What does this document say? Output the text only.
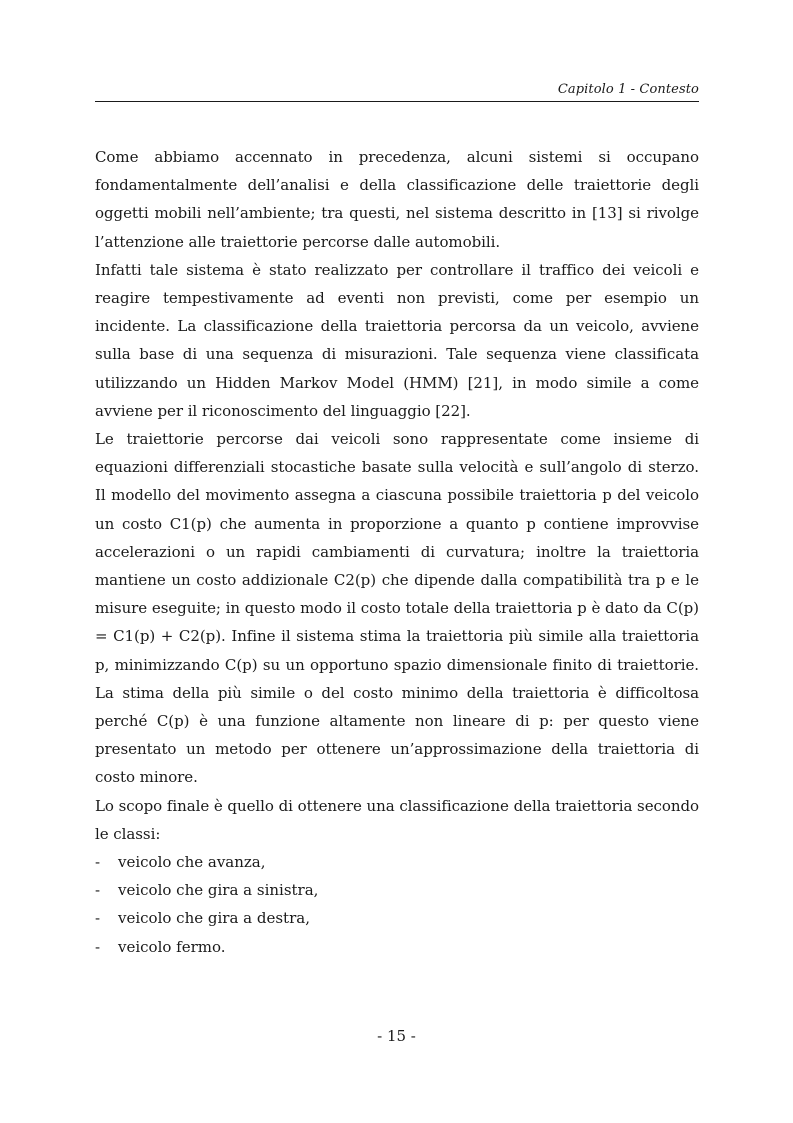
Capitolo 1 - Contesto

Come abbiamo accennato in precedenza, alcuni sistemi si occupano fondamentalmente dell’analisi e della classificazione delle traiettorie degli oggetti mobili nell’ambiente; tra questi, nel sistema descritto in [13] si rivolge l’attenzione alle traiettorie percorse dalle automobili.

Infatti tale sistema è stato realizzato per controllare il traffico dei veicoli e reagire tempestivamente ad eventi non previsti, come per esempio un incidente. La classificazione della traiettoria percorsa da un veicolo, avviene sulla base di una sequenza di misurazioni. Tale sequenza viene classificata utilizzando un Hidden Markov Model (HMM) [21], in modo simile a come avviene per il riconoscimento del linguaggio [22].

Le traiettorie percorse dai veicoli sono rappresentate come insieme di equazioni differenziali stocastiche basate sulla velocità e sull’angolo di sterzo. Il modello del movimento assegna a ciascuna possibile traiettoria p del veicolo un costo C1(p) che aumenta in proporzione a quanto p contiene improvvise accelerazioni o un rapidi cambiamenti di curvatura; inoltre la traiettoria mantiene un costo addizionale C2(p) che dipende dalla compatibilità tra p e le misure eseguite; in questo modo il costo totale della traiettoria p è dato da C(p) = C1(p) + C2(p). Infine il sistema stima la traiettoria più simile alla traiettoria p, minimizzando C(p) su un opportuno spazio dimensionale finito di traiettorie. La stima della più simile o del costo minimo della traiettoria è difficoltosa perché C(p) è una funzione altamente non lineare di p: per questo viene presentato un metodo per ottenere un’approssimazione della traiettoria di costo minore.

Lo scopo finale è quello di ottenere una classificazione della traiettoria secondo le classi:

-	veicolo che avanza,
-	veicolo che gira a sinistra,
-	veicolo che gira a destra,
-	veicolo fermo.
- 15 -
